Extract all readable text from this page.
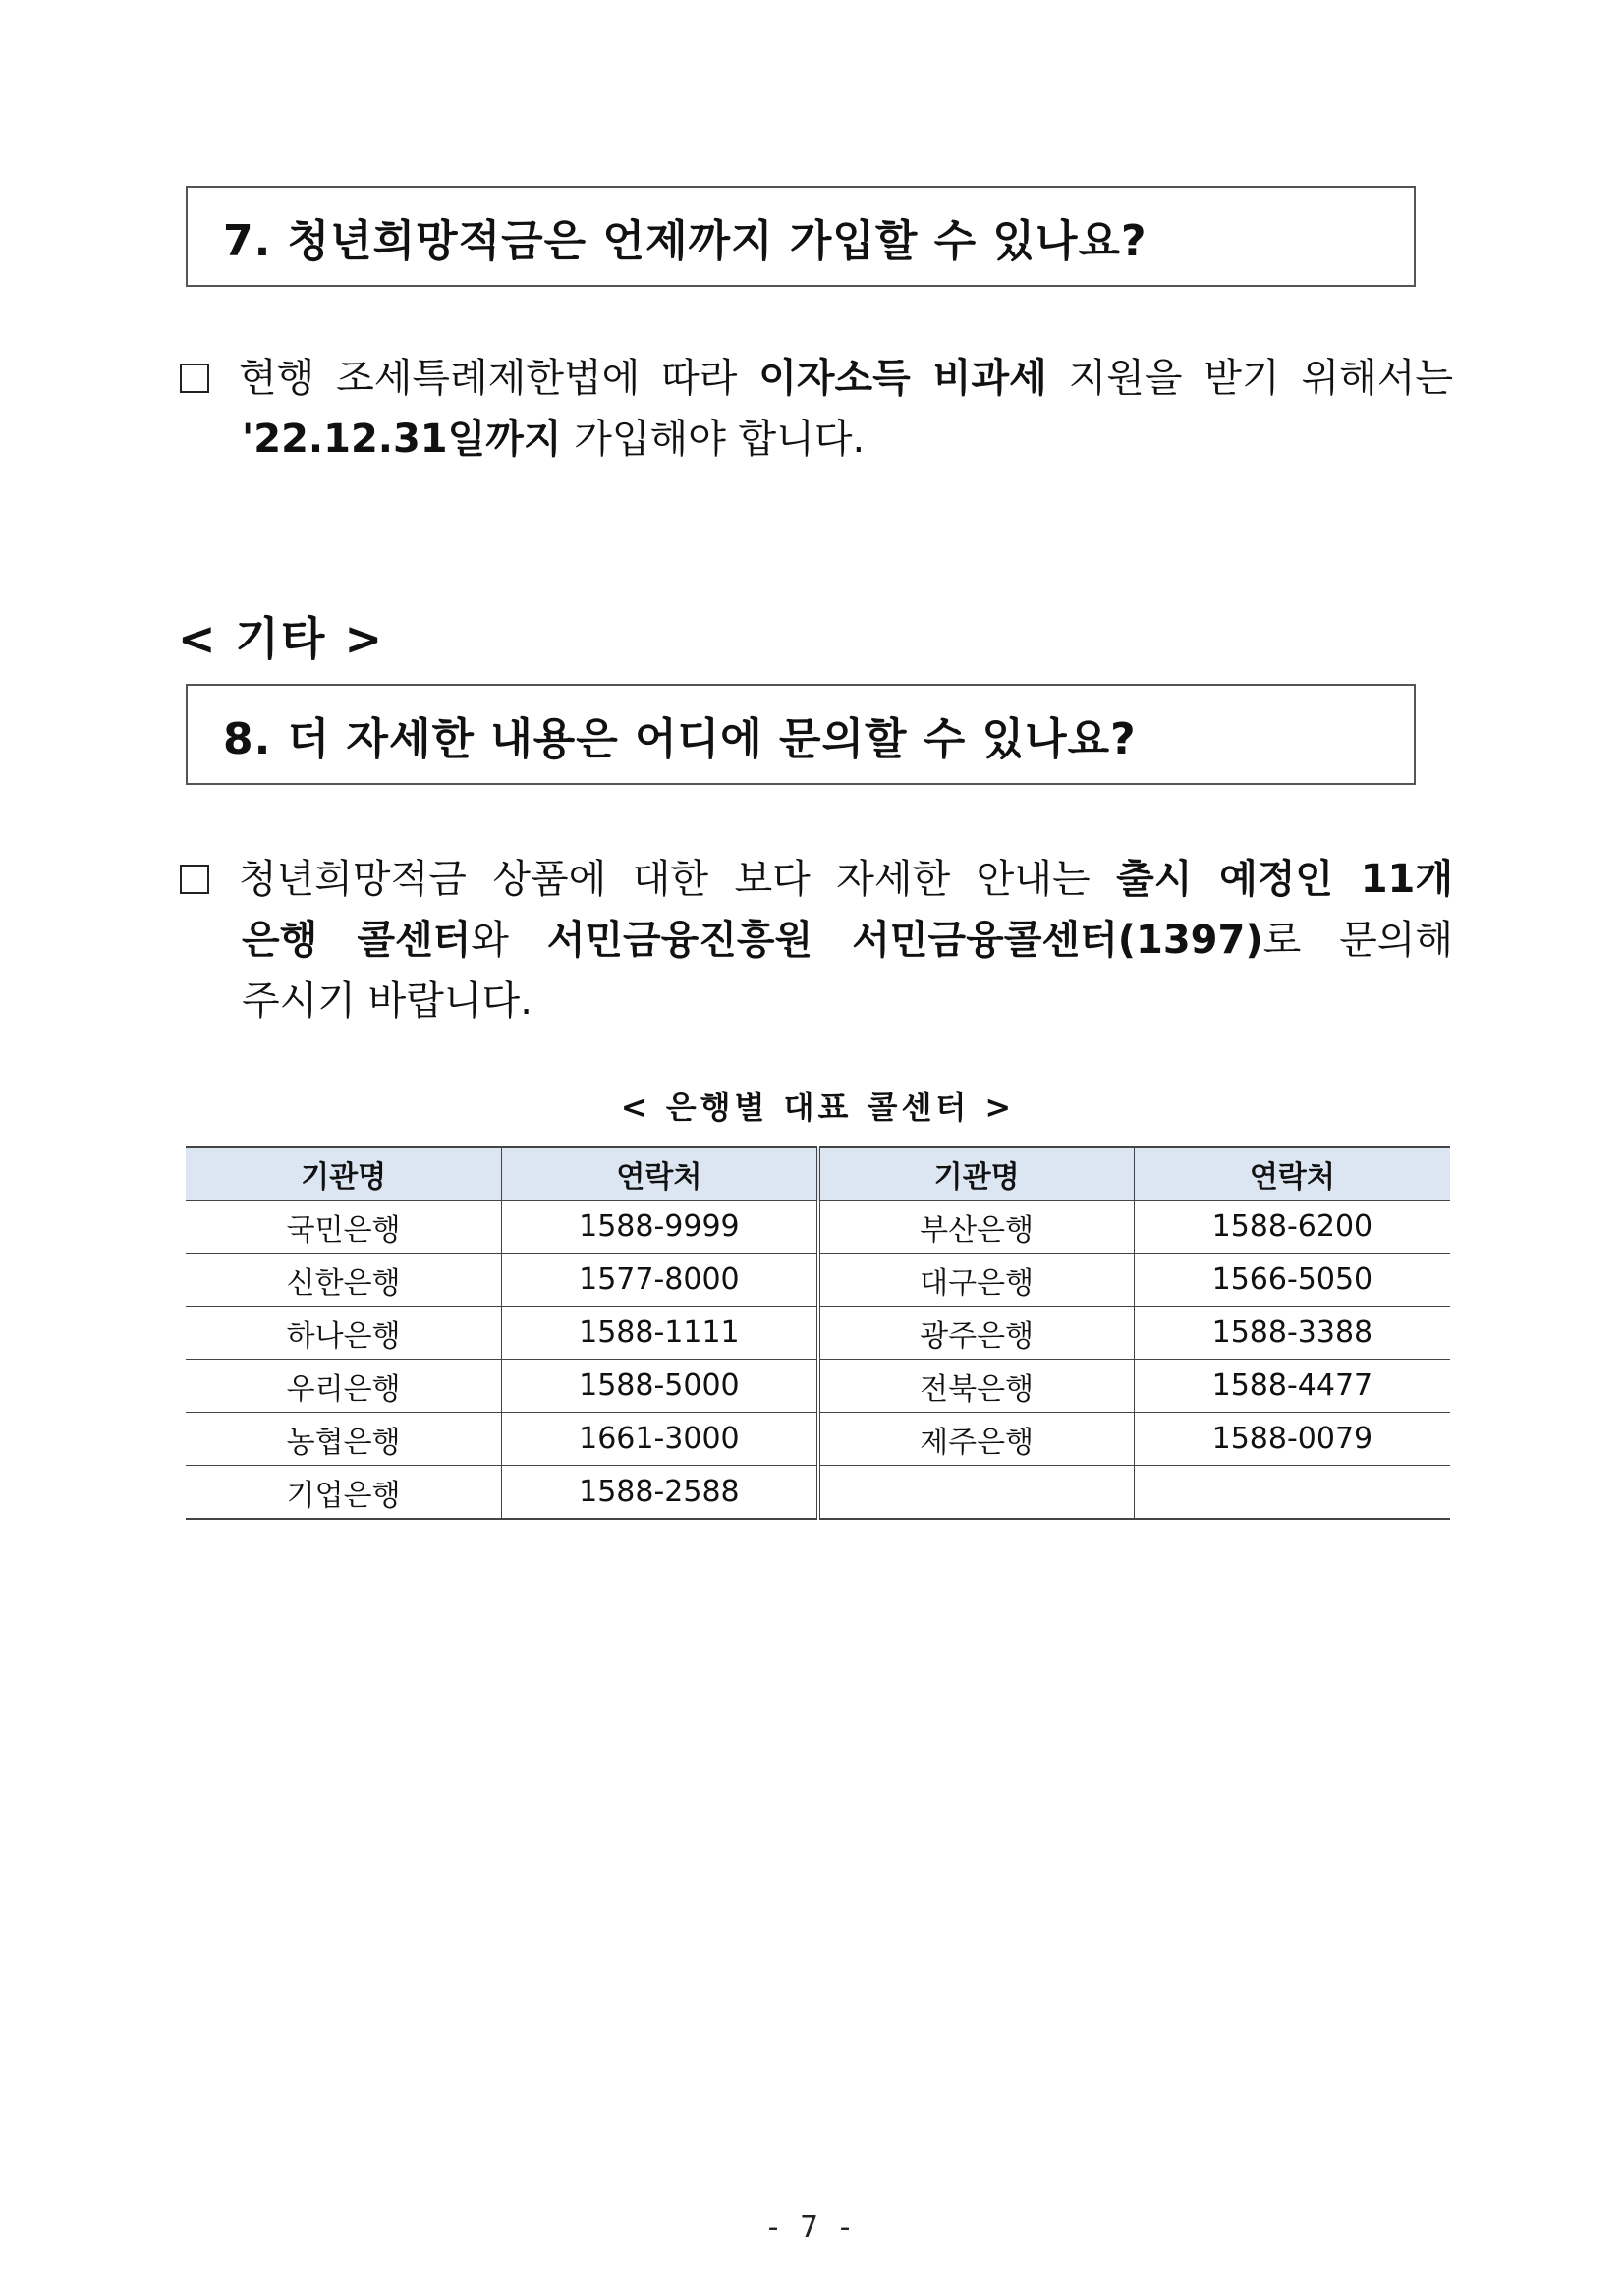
7. 청년희망적금은 언제까지 가입할 수 있나요?
현행 조세특례제한법에 따라 이자소득 비과세 지원을 받기 위해서는
'22.12.31일까지 가입해야 합니다.
< 기타 >
8. 더 자세한 내용은 어디에 문의할 수 있나요?
청년희망적금 상품에 대한 보다 자세한 안내는 출시 예정인 11개
은행 콜센터와 서민금융진흥원 서민금융콜센터(1397)로 문의해
주시기 바랍니다.
< 은행별 대표 콜센터 >
기관명	연락처	기관명	연락처
국민은행	1588-9999	부산은행	1588-6200
신한은행	1577-8000	대구은행	1566-5050
하나은행	1588-1111	광주은행	1588-3388
우리은행	1588-5000	전북은행	1588-4477
농협은행	1661-3000	제주은행	1588-0079
기업은행	1588-2588		
- 7 -
